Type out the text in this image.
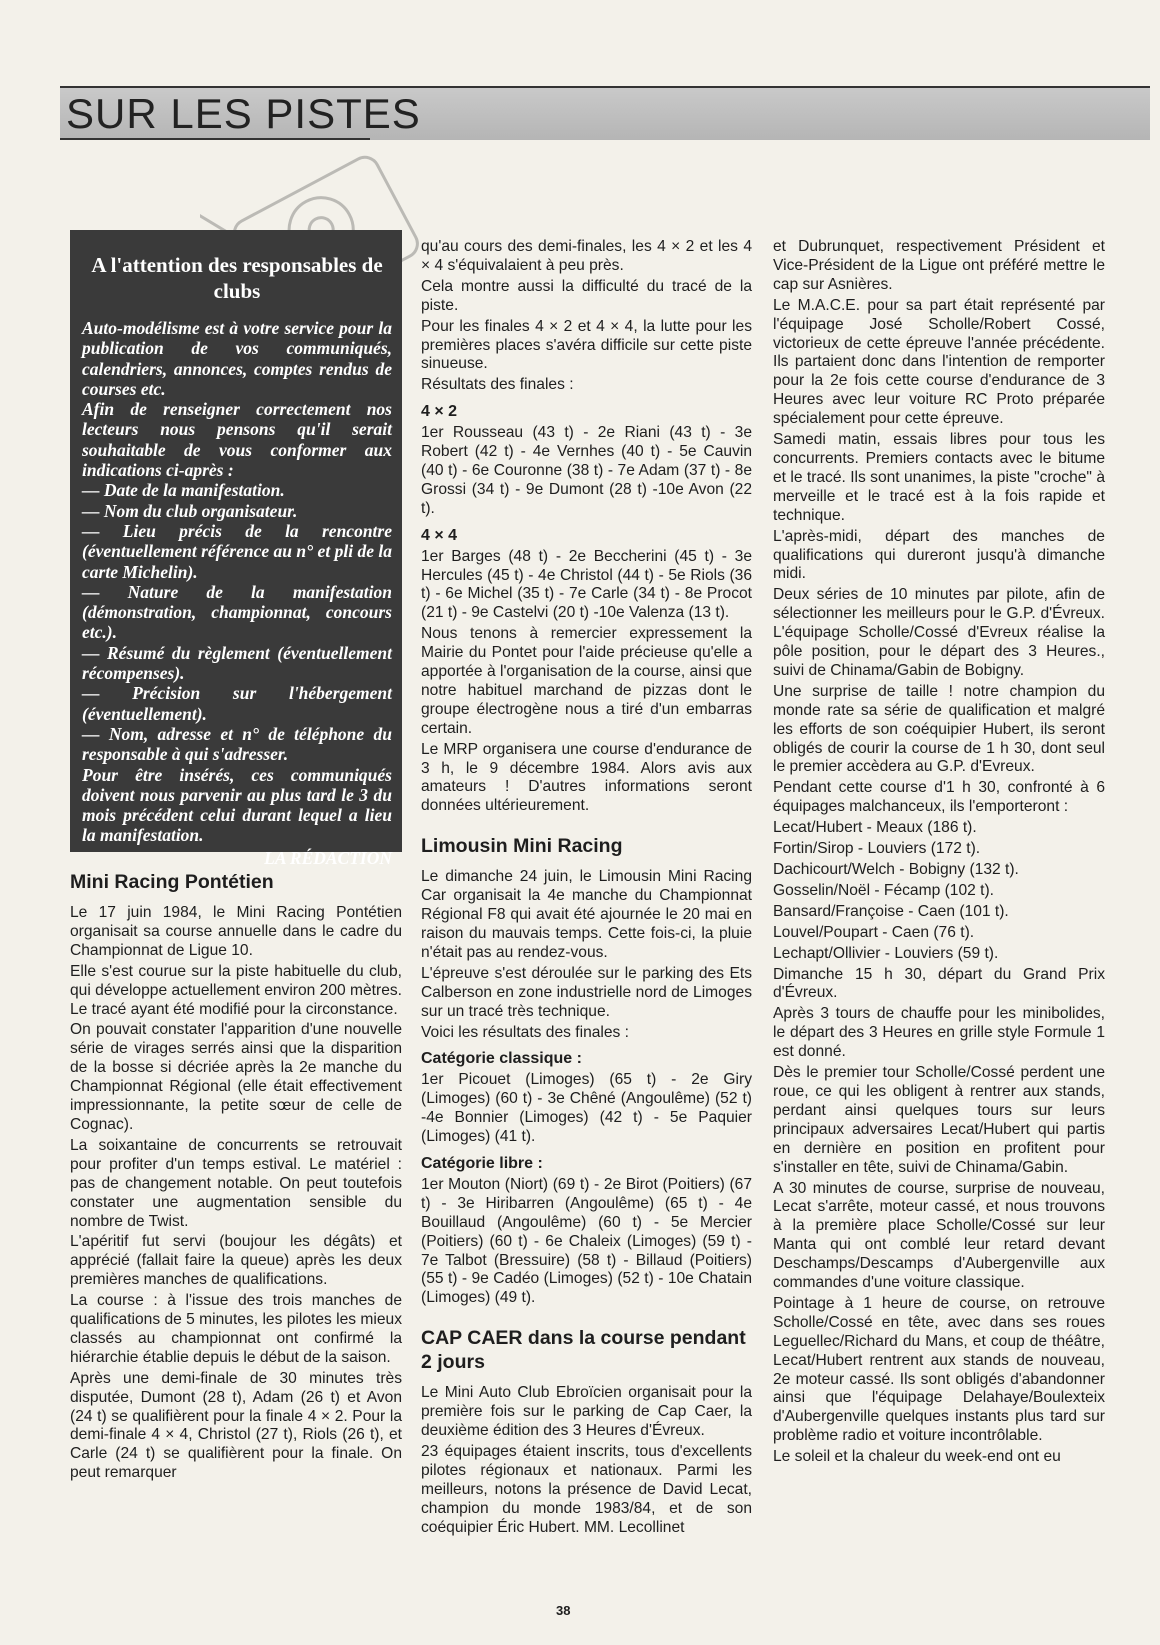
SUR LES PISTES
A l'attention des responsables de clubs

Auto-modélisme est à votre service pour la publication de vos communiqués, calendriers, annonces, comptes rendus de courses etc.

Afin de renseigner correctement nos lecteurs nous pensons qu'il serait souhaitable de vous conformer aux indications ci-après :

— Date de la manifestation.

— Nom du club organisateur.

— Lieu précis de la rencontre (éventuellement référence au n° et pli de la carte Michelin).

— Nature de la manifestation (démonstration, championnat, concours etc.).

— Résumé du règlement (éventuellement récompenses).

— Précision sur l'hébergement (éventuellement).

— Nom, adresse et n° de téléphone du responsable à qui s'adresser.

Pour être insérés, ces communiqués doivent nous parvenir au plus tard le 3 du mois précédent celui durant lequel a lieu la manifestation.

LA RÉDACTION

Mini Racing Pontétien

Le 17 juin 1984, le Mini Racing Pontétien organisait sa course annuelle dans le cadre du Championnat de Ligue 10.

Elle s'est courue sur la piste habituelle du club, qui développe actuellement environ 200 mètres. Le tracé ayant été modifié pour la circonstance.

On pouvait constater l'apparition d'une nouvelle série de virages serrés ainsi que la disparition de la bosse si décriée après la 2e manche du Championnat Régional (elle était effectivement impressionnante, la petite sœur de celle de Cognac).

La soixantaine de concurrents se retrouvait pour profiter d'un temps estival. Le matériel : pas de changement notable. On peut toutefois constater une augmentation sensible du nombre de Twist.

L'apéritif fut servi (boujour les dégâts) et apprécié (fallait faire la queue) après les deux premières manches de qualifications.

La course : à l'issue des trois manches de qualifications de 5 minutes, les pilotes les mieux classés au championnat ont confirmé la hiérarchie établie depuis le début de la saison.

Après une demi-finale de 30 minutes très disputée, Dumont (28 t), Adam (26 t) et Avon (24 t) se qualifièrent pour la finale 4 × 2. Pour la demi-finale 4 × 4, Christol (27 t), Riols (26 t), et Carle (24 t) se qualifièrent pour la finale. On peut remarquer

qu'au cours des demi-finales, les 4 × 2 et les 4 × 4 s'équivalaient à peu près.

Cela montre aussi la difficulté du tracé de la piste.

Pour les finales 4 × 2 et 4 × 4, la lutte pour les premières places s'avéra difficile sur cette piste sinueuse.

Résultats des finales :

4 × 2

1er Rousseau (43 t) - 2e Riani (43 t) - 3e Robert (42 t) - 4e Vernhes (40 t) - 5e Cauvin (40 t) - 6e Couronne (38 t) - 7e Adam (37 t) - 8e Grossi (34 t) - 9e Dumont (28 t) -10e Avon (22 t).

4 × 4

1er Barges (48 t) - 2e Beccherini (45 t) - 3e Hercules (45 t) - 4e Christol (44 t) - 5e Riols (36 t) - 6e Michel (35 t) - 7e Carle (34 t) - 8e Procot (21 t) - 9e Castelvi (20 t) -10e Valenza (13 t).

Nous tenons à remercier expressement la Mairie du Pontet pour l'aide précieuse qu'elle a apportée à l'organisation de la course, ainsi que notre habituel marchand de pizzas dont le groupe électrogène nous a tiré d'un embarras certain.

Le MRP organisera une course d'endurance de 3 h, le 9 décembre 1984. Alors avis aux amateurs ! D'autres informations seront données ultérieurement.

Limousin Mini Racing

Le dimanche 24 juin, le Limousin Mini Racing Car organisait la 4e manche du Championnat Régional F8 qui avait été ajournée le 20 mai en raison du mauvais temps. Cette fois-ci, la pluie n'était pas au rendez-vous.

L'épreuve s'est déroulée sur le parking des Ets Calberson en zone industrielle nord de Limoges sur un tracé très technique.

Voici les résultats des finales :

Catégorie classique :

1er Picouet (Limoges) (65 t) - 2e Giry (Limoges) (60 t) - 3e Chêné (Angoulême) (52 t) -4e Bonnier (Limoges) (42 t) - 5e Paquier (Limoges) (41 t).

Catégorie libre :

1er Mouton (Niort) (69 t) - 2e Birot (Poitiers) (67 t) - 3e Hiribarren (Angoulême) (65 t) - 4e Bouillaud (Angoulême) (60 t) - 5e Mercier (Poitiers) (60 t) - 6e Chaleix (Limoges) (59 t) - 7e Talbot (Bressuire) (58 t) - Billaud (Poitiers) (55 t) - 9e Cadéo (Limoges) (52 t) - 10e Chatain (Limoges) (49 t).

CAP CAER dans la course pendant 2 jours

Le Mini Auto Club Ebroïcien organisait pour la première fois sur le parking de Cap Caer, la deuxième édition des 3 Heures d'Évreux.

23 équipages étaient inscrits, tous d'excellents pilotes régionaux et nationaux. Parmi les meilleurs, notons la présence de David Lecat, champion du monde 1983/84, et de son coéquipier Éric Hubert. MM. Lecollinet

et Dubrunquet, respectivement Président et Vice-Président de la Ligue ont préféré mettre le cap sur Asnières.

Le M.A.C.E. pour sa part était représenté par l'équipage José Scholle/Robert Cossé, victorieux de cette épreuve l'année précédente. Ils partaient donc dans l'intention de remporter pour la 2e fois cette course d'endurance de 3 Heures avec leur voiture RC Proto préparée spécialement pour cette épreuve.

Samedi matin, essais libres pour tous les concurrents. Premiers contacts avec le bitume et le tracé. Ils sont unanimes, la piste "croche" à merveille et le tracé est à la fois rapide et technique.

L'après-midi, départ des manches de qualifications qui dureront jusqu'à dimanche midi.

Deux séries de 10 minutes par pilote, afin de sélectionner les meilleurs pour le G.P. d'Évreux. L'équipage Scholle/Cossé d'Evreux réalise la pôle position, pour le départ des 3 Heures., suivi de Chinama/Gabin de Bobigny.

Une surprise de taille ! notre champion du monde rate sa série de qualification et malgré les efforts de son coéquipier Hubert, ils seront obligés de courir la course de 1 h 30, dont seul le premier accèdera au G.P. d'Evreux.

Pendant cette course d'1 h 30, confronté à 6 équipages malchanceux, ils l'emporteront :

Lecat/Hubert - Meaux (186 t).

Fortin/Sirop - Louviers (172 t).

Dachicourt/Welch - Bobigny (132 t).

Gosselin/Noël - Fécamp (102 t).

Bansard/Françoise - Caen (101 t).

Louvel/Poupart - Caen (76 t).

Lechapt/Ollivier - Louviers (59 t).

Dimanche 15 h 30, départ du Grand Prix d'Évreux.

Après 3 tours de chauffe pour les minibolides, le départ des 3 Heures en grille style Formule 1 est donné.

Dès le premier tour Scholle/Cossé perdent une roue, ce qui les obligent à rentrer aux stands, perdant ainsi quelques tours sur leurs principaux adversaires Lecat/Hubert qui partis en dernière en position en profitent pour s'installer en tête, suivi de Chinama/Gabin.

A 30 minutes de course, surprise de nouveau, Lecat s'arrête, moteur cassé, et nous trouvons à la première place Scholle/Cossé sur leur Manta qui ont comblé leur retard devant Deschamps/Descamps d'Aubergenville aux commandes d'une voiture classique.

Pointage à 1 heure de course, on retrouve Scholle/Cossé en tête, avec dans ses roues Leguellec/Richard du Mans, et coup de théâtre, Lecat/Hubert rentrent aux stands de nouveau, 2e moteur cassé. Ils sont obligés d'abandonner ainsi que l'équipage Delahaye/Boulexteix d'Aubergenville quelques instants plus tard sur problème radio et voiture incontrôlable.

Le soleil et la chaleur du week-end ont eu

38
